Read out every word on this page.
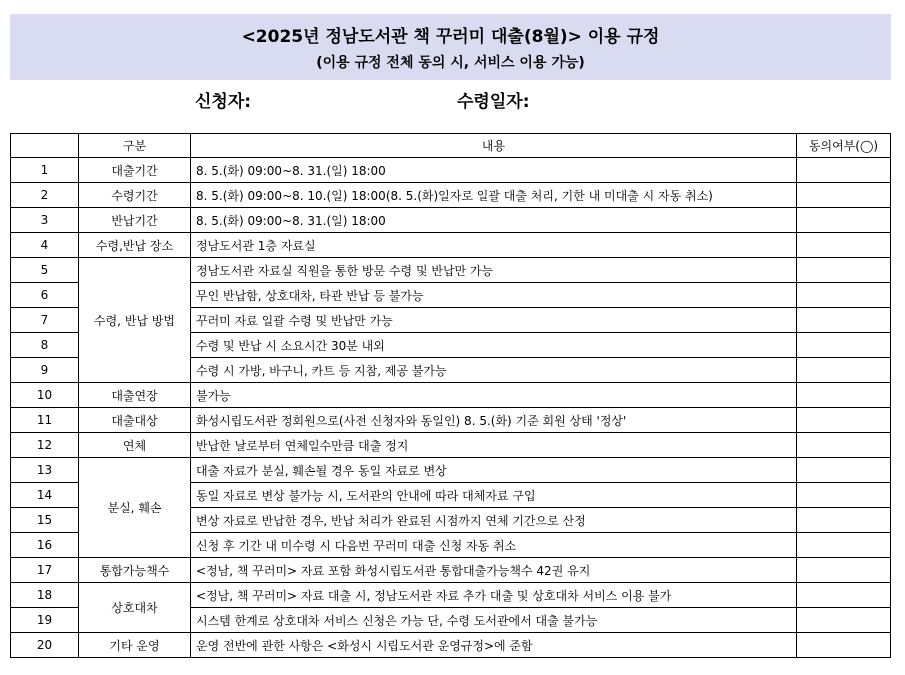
<2025년 정남도서관 책 꾸러미 대출(8월)> 이용 규정
(이용 규정 전체 동의 시, 서비스 이용 가능)
신청자:	수령일자:
	구분	내용	동의여부(◯)
1	대출기간	8. 5.(화) 09:00~8. 31.(일) 18:00	
2	수령기간	8. 5.(화) 09:00~8. 10.(일) 18:00(8. 5.(화)일자로 일괄 대출 처리, 기한 내 미대출 시 자동 취소)	
3	반납기간	8. 5.(화) 09:00~8. 31.(일) 18:00	
4	수령,반납 장소	정남도서관 1층 자료실	
5	수령, 반납 방법	정남도서관 자료실 직원을 통한 방문 수령 및 반납만 가능	
6		무인 반납함, 상호대차, 타관 반납 등 불가능	
7		꾸러미 자료 일괄 수령 및 반납만 가능	
8		수령 및 반납 시 소요시간 30분 내외	
9		수령 시 가방, 바구니, 카트 등 지참, 제공 불가능	
10	대출연장	불가능	
11	대출대상	화성시립도서관 정회원으로(사전 신청자와 동일인) 8. 5.(화) 기준 회원 상태 '정상'	
12	연체	반납한 날로부터 연체일수만큼 대출 정지	
13	분실, 훼손	대출 자료가 분실, 훼손될 경우 동일 자료로 변상	
14		동일 자료로 변상 불가능 시, 도서관의 안내에 따라 대체자료 구입	
15		변상 자료로 반납한 경우, 반납 처리가 완료된 시점까지 연체 기간으로 산정	
16		신청 후 기간 내 미수령 시 다음번 꾸러미 대출 신청 자동 취소	
17	통합가능책수	<정남, 책 꾸러미> 자료 포함 화성시립도서관 통합대출가능책수 42권 유지	
18	상호대차	<정남, 책 꾸러미> 자료 대출 시, 정남도서관 자료 추가 대출 및 상호대차 서비스 이용 불가	
19		시스템 한계로 상호대차 서비스 신청은 가능 단, 수령 도서관에서 대출 불가능	
20	기타 운영	운영 전반에 관한 사항은 <화성시 시립도서관 운영규정>에 준함	
